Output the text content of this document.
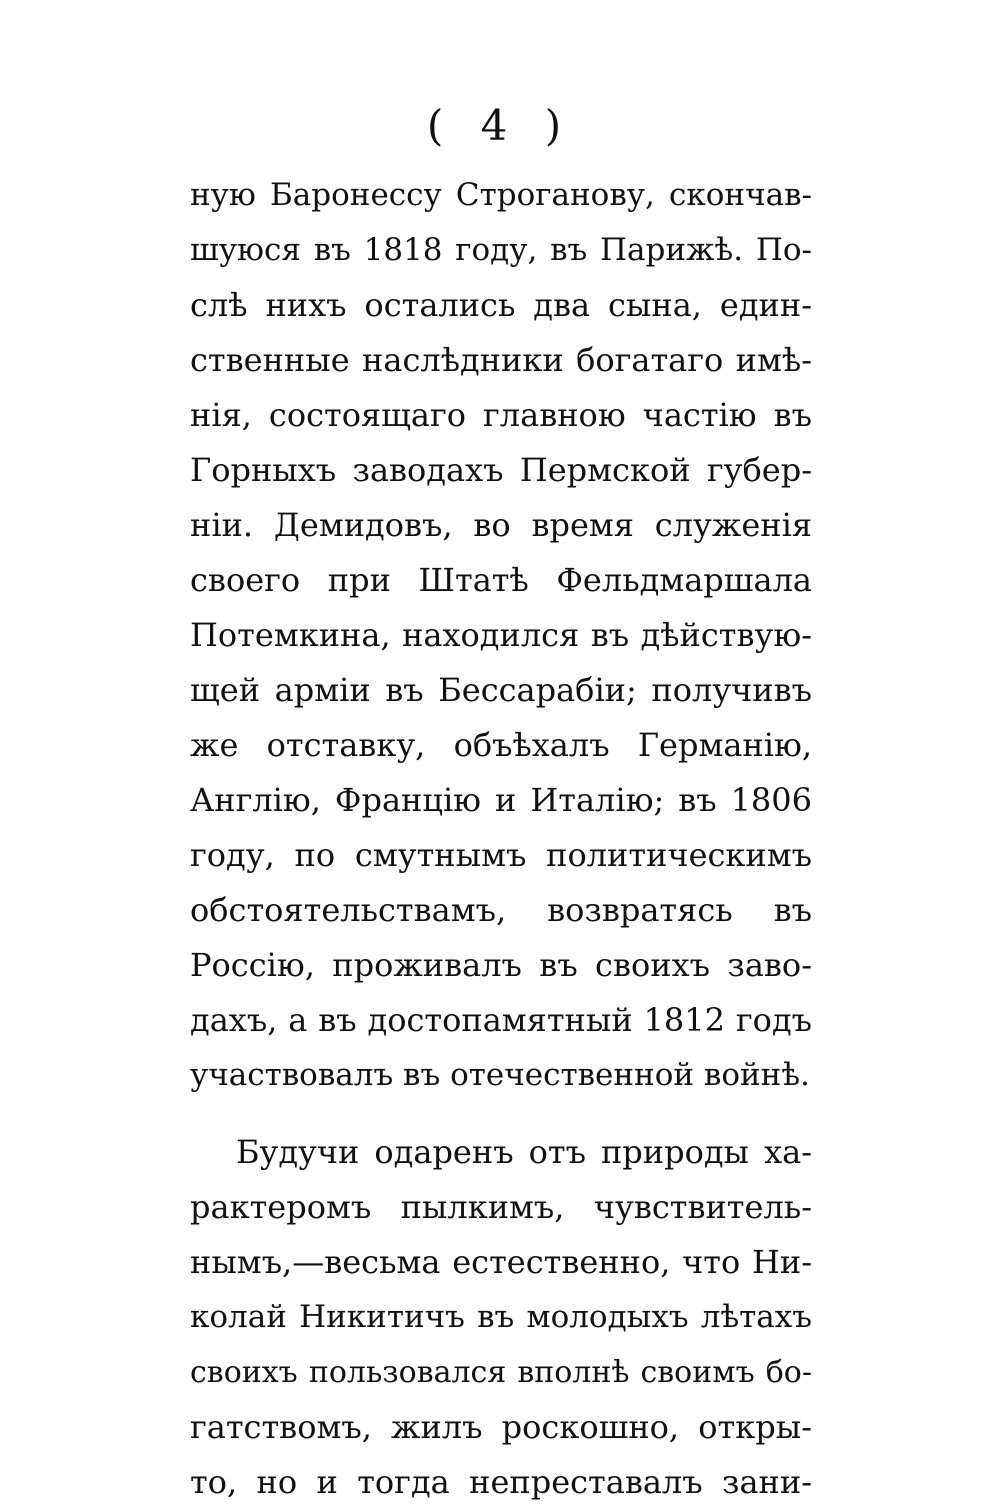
( 4 )
ную Баронессу Строганову, скончав-
шуюся въ 1818 году, въ Парижѣ. По-
слѣ нихъ остались два сына, един-
ственные наслѣдники богатаго имѣ-
нія, состоящаго главною частію въ
Горныхъ заводахъ Пермской губер-
ніи. Демидовъ, во время служенія
своего при Штатѣ Фельдмаршала
Потемкина, находился въ дѣйствую-
щей арміи въ Бессарабіи; получивъ
же отставку, объѣхалъ Германію,
Англію, Францію и Италію; въ 1806
году, по смутнымъ политическимъ
обстоятельствамъ, возвратясь въ
Россію, проживалъ въ своихъ заво-
дахъ, а въ достопамятный 1812 годъ
участвовалъ въ отечественной войнѣ.
Будучи одаренъ отъ природы ха-
рактеромъ пылкимъ, чувствитель-
нымъ,—весьма естественно, что Ни-
колай Никитичъ въ молодыхъ лѣтахъ
своихъ пользовался вполнѣ своимъ бо-
гатствомъ, жилъ роскошно, откры-
то, но и тогда непреставалъ зани-
